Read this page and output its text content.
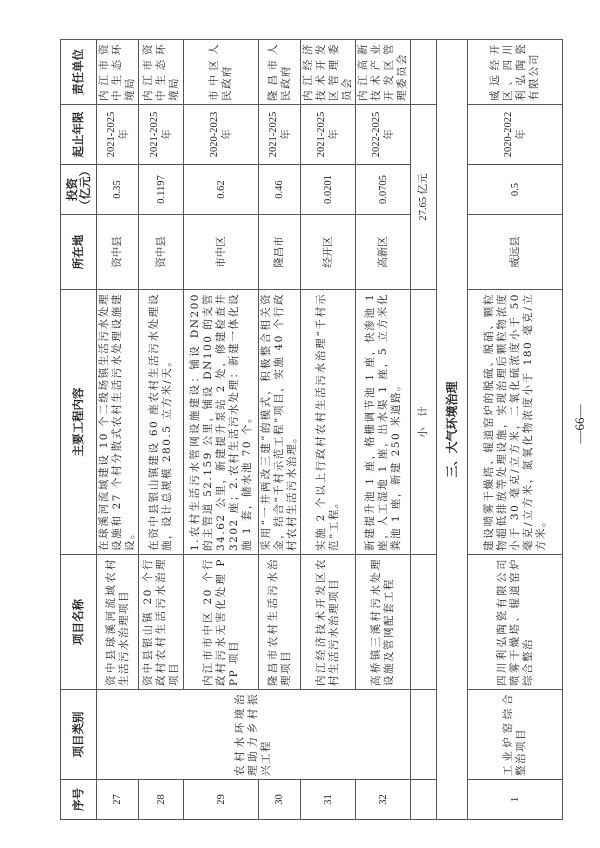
序号	项目类别	项目名称	主要工程内容	所在地	投资（亿元）	起止年限	责任单位
27	农村水环境治理助力乡村振兴工程	资中县球溪河流域农村生活污水治理项目	在球溪河流域建设 10 个二级场镇生活污水处理设施和 27 个村分散式农村生活污水处理设施建设。	资中县	0.35	2021-2025 年	内江市资中生态环境局
28		资中县银山镇 20 个行政村农村生活污水治理项目	在资中县银山镇建设 60 座农村生活污水处理设施，设计总规模 280.5 立方米/天。	资中县	0.1197	2021-2025 年	内江市资中生态环境局
29		内江市市中区 20 个行政村污水无害化处理 PPP 项目	1.农村生活污水管网设施建设：铺设 DN200 的主管道 52.159 公里，铺设 DN100 的支管 34.62 公里，新建提升泵站 2 处，修建检查井 3202 座；2.农村生活污水处理：新建一体化设施 1 套，储水池 70 个。	市中区	0.62	2020-2023 年	市中区人民政府
30		隆昌市农村生活污水治理项目	采用“一井两改三建”的模式，积极整合相关资金，结合“千村示范工程”项目，实施 40 个行政村农村生活污水治理。	隆昌市	0.46	2021-2025 年	隆昌市人民政府
31		内江经济技术开发区农村生活污水治理项目	实施 2 个以上行政村农村生活污水治理“千村示范”工程。	经开区	0.0201	2021-2025 年	内江经济技术开发区管理委员会
32		高桥镇三溪村污水处理设施及管网配套工程	新建提升池 1 座，格栅调节池 1 座，快渗池 1 座，人工湿地 1 座，出水渠 1 座，5 立方米化粪池 1 座，新建 250 米道路。	高新区	0.0705	2022-2025 年	内江高新技术产业开发区管理委员会
			小　计	27.65 亿元			
三、大气环境治理							
1	工业炉窑综合整治项目	四川利弘陶瓷有限公司喷雾干燥塔、辊道窑炉综合整治	建设喷雾干燥塔、辊道窑炉的脱硫、脱硝、颗粒物超低排放等处理设施，实现治理后颗粒物浓度小于 30 毫克/立方米，二氧化硫浓度小于 50 毫克/立方米，氮氧化物浓度小于 180 毫克/立方米。	威远县	0.5	2020-2022 年	威远经开区、四川利弘陶瓷有限公司
—66—
